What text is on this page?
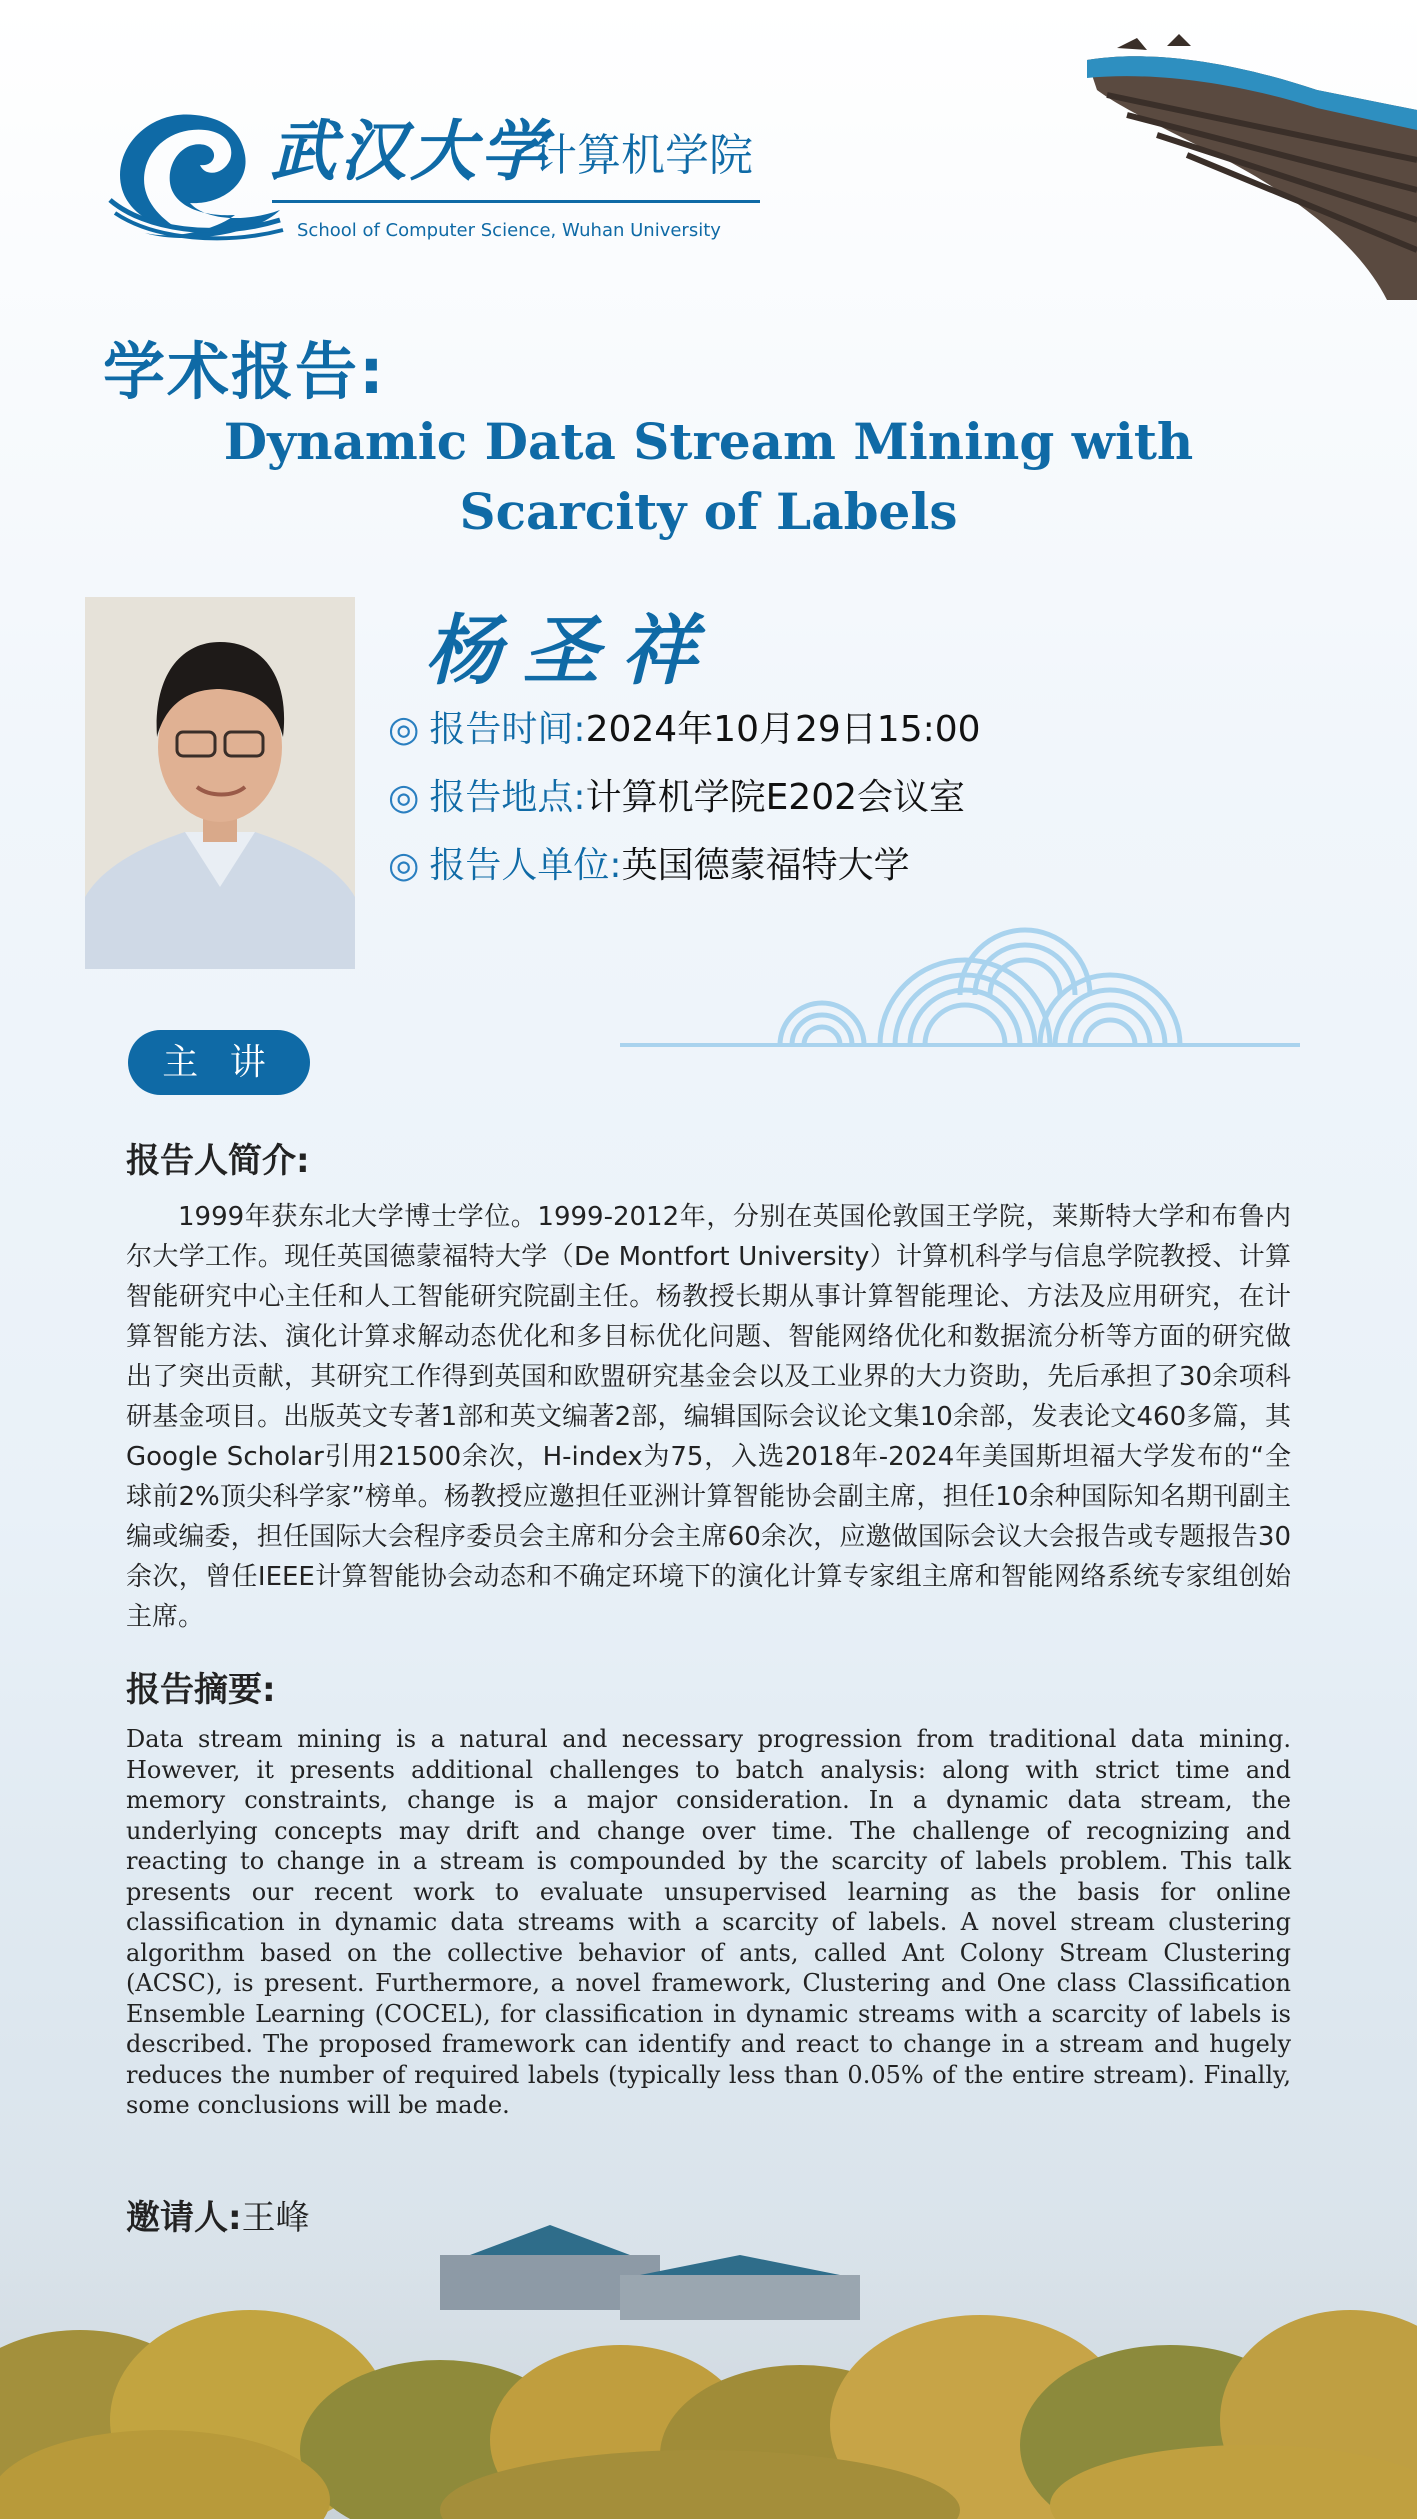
武汉大学
计算机学院
School of Computer Science, Wuhan University
学术报告:
Dynamic Data Stream Mining with
Scarcity of Labels
杨圣祥
◎ 报告时间:2024年10月29日15:00
◎ 报告地点:计算机学院E202会议室
◎ 报告人单位:英国德蒙福特大学
主 讲
报告人简介:
1999年获东北大学博士学位。1999-2012年，分别在英国伦敦国王学院，莱斯特大学和布鲁内尔大学工作。现任英国德蒙福特大学（De Montfort University）计算机科学与信息学院教授、计算智能研究中心主任和人工智能研究院副主任。杨教授长期从事计算智能理论、方法及应用研究，在计算智能方法、演化计算求解动态优化和多目标优化问题、智能网络优化和数据流分析等方面的研究做出了突出贡献，其研究工作得到英国和欧盟研究基金会以及工业界的大力资助，先后承担了30余项科研基金项目。出版英文专著1部和英文编著2部，编辑国际会议论文集10余部，发表论文460多篇，其Google Scholar引用21500余次，H-index为75，入选2018年-2024年美国斯坦福大学发布的“全球前2%顶尖科学家”榜单。杨教授应邀担任亚洲计算智能协会副主席，担任10余种国际知名期刊副主编或编委，担任国际大会程序委员会主席和分会主席60余次，应邀做国际会议大会报告或专题报告30余次，曾任IEEE计算智能协会动态和不确定环境下的演化计算专家组主席和智能网络系统专家组创始主席。
报告摘要:
Data stream mining is a natural and necessary progression from traditional data mining. However, it presents additional challenges to batch analysis: along with strict time and memory constraints, change is a major consideration. In a dynamic data stream, the underlying concepts may drift and change over time. The challenge of recognizing and reacting to change in a stream is compounded by the scarcity of labels problem. This talk presents our recent work to evaluate unsupervised learning as the basis for online classification in dynamic data streams with a scarcity of labels. A novel stream clustering algorithm based on the collective behavior of ants, called Ant Colony Stream Clustering (ACSC), is present. Furthermore, a novel framework, Clustering and One class Classification Ensemble Learning (COCEL), for classification in dynamic streams with a scarcity of labels is described. The proposed framework can identify and react to change in a stream and hugely reduces the number of required labels (typically less than 0.05% of the entire stream). Finally, some conclusions will be made.
邀请人:王峰
